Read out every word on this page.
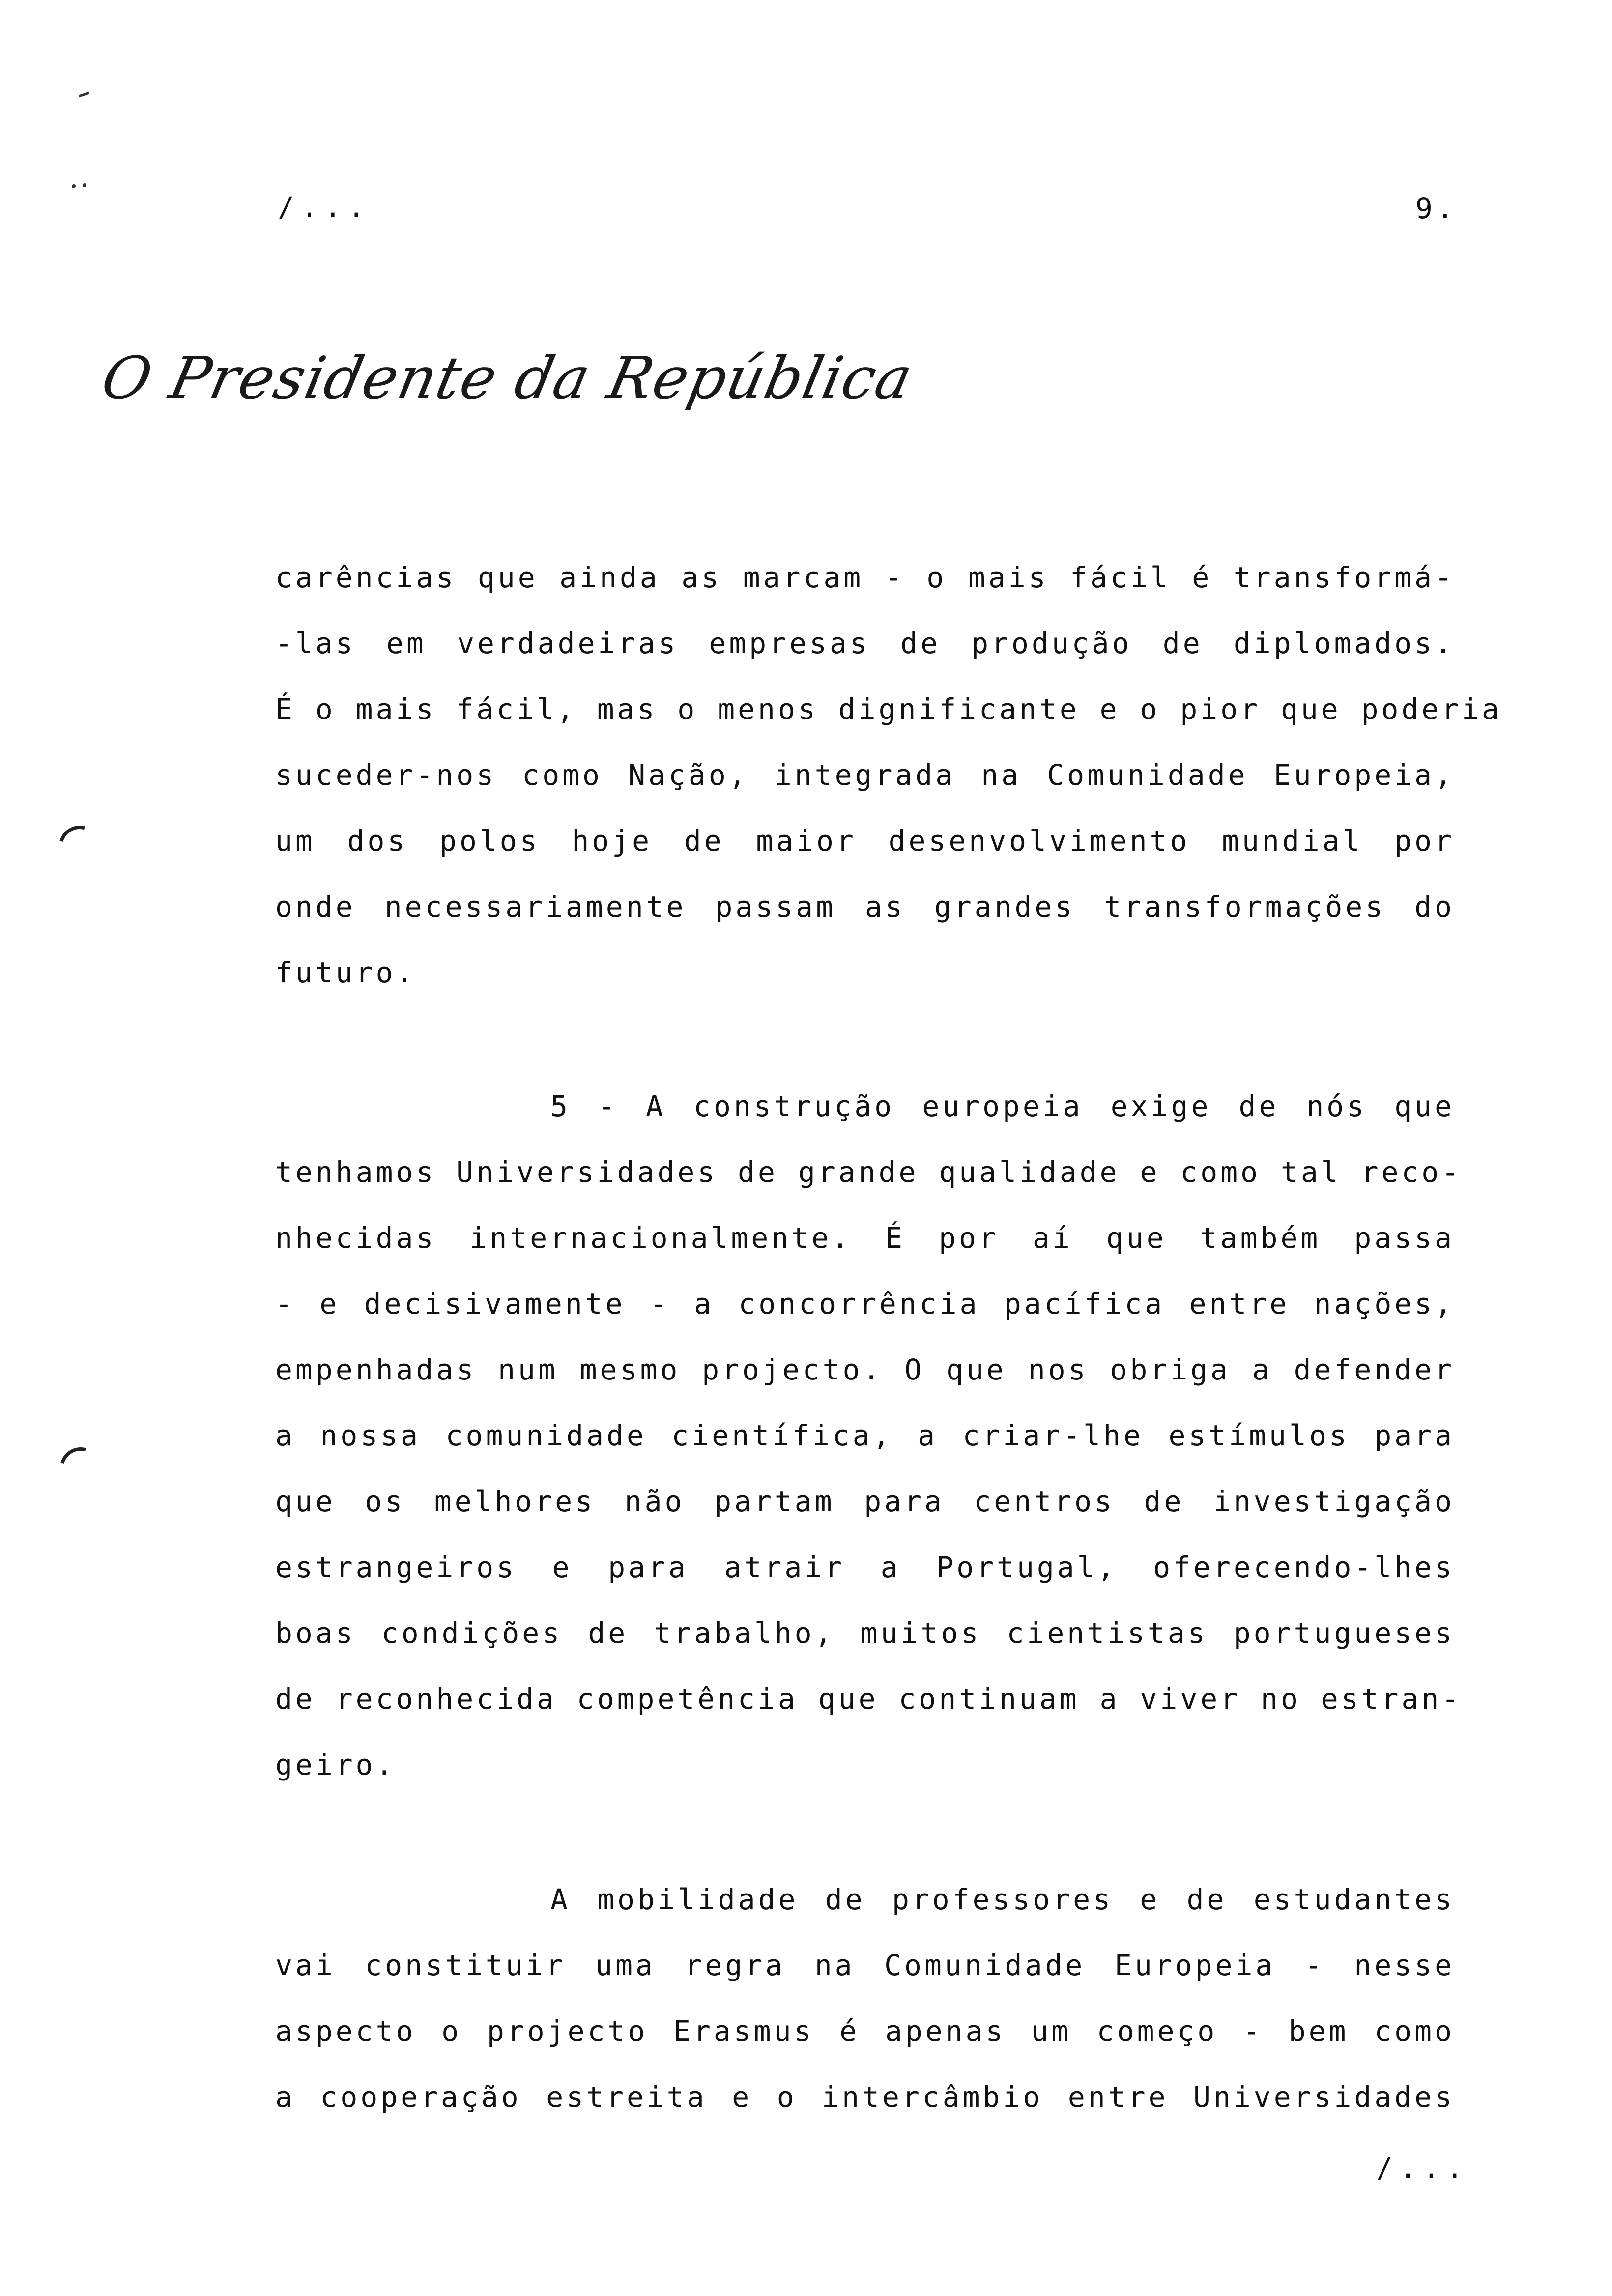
/...	9.
O Presidente da República
carências que ainda as marcam - o mais fácil é transformá-
-las em verdadeiras empresas de produção de diplomados.
É o mais fácil, mas o menos dignificante e o pior que poderia
suceder-nos como Nação, integrada na Comunidade Europeia,
um dos polos hoje de maior desenvolvimento mundial por
onde necessariamente passam as grandes transformações do
futuro.
5 - A construção europeia exige de nós que
tenhamos Universidades de grande qualidade e como tal reco-
nhecidas internacionalmente. É por aí que também passa
- e decisivamente - a concorrência pacífica entre nações,
empenhadas num mesmo projecto. O que nos obriga a defender
a nossa comunidade científica, a criar-lhe estímulos para
que os melhores não partam para centros de investigação
estrangeiros e para atrair a Portugal, oferecendo-lhes
boas condições de trabalho, muitos cientistas portugueses
de reconhecida competência que continuam a viver no estran-
geiro.
A mobilidade de professores e de estudantes
vai constituir uma regra na Comunidade Europeia - nesse
aspecto o projecto Erasmus é apenas um começo - bem como
a cooperação estreita e o intercâmbio entre Universidades
/...
